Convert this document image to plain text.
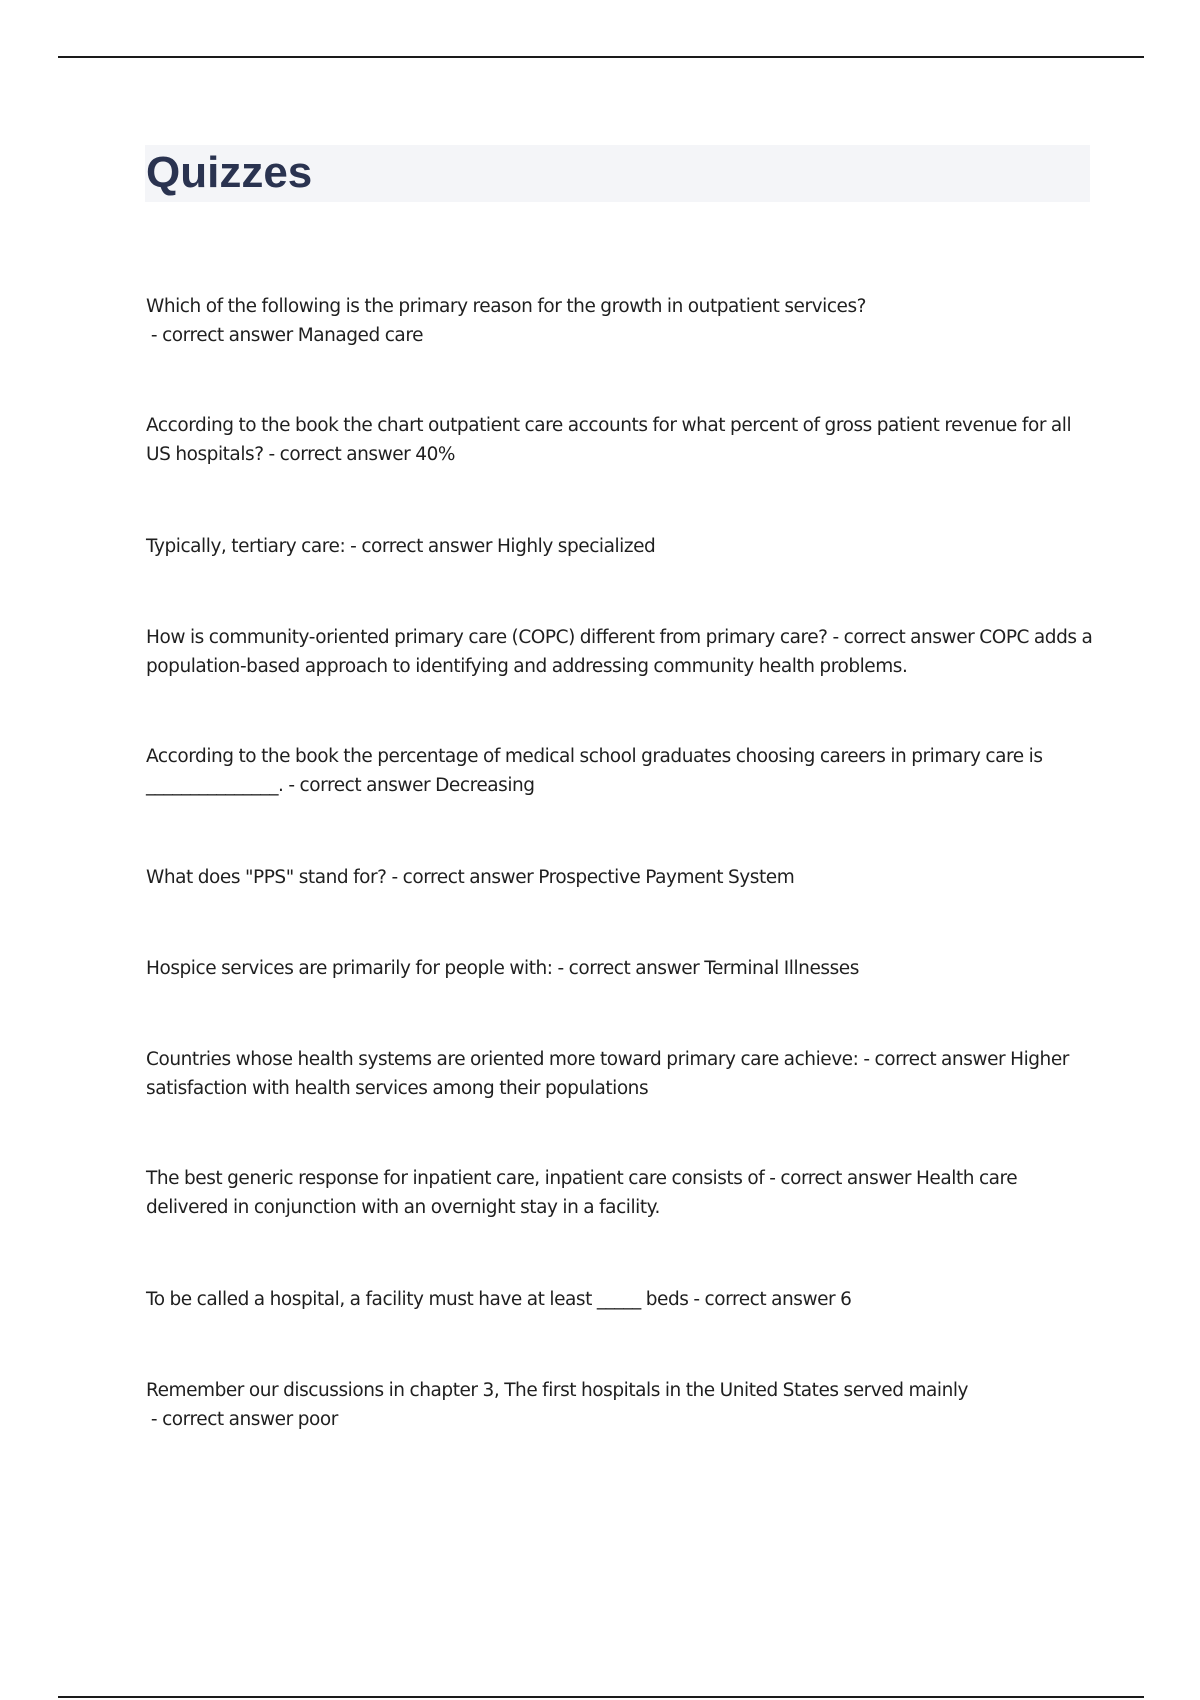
Quizzes
Which of the following is the primary reason for the growth in outpatient services? - correct answer Managed care
According to the book the chart outpatient care accounts for what percent of gross patient revenue for all US hospitals? - correct answer 40%
Typically, tertiary care: - correct answer Highly specialized
How is community-oriented primary care (COPC) different from primary care? - correct answer COPC adds a population-based approach to identifying and addressing community health problems.
According to the book the percentage of medical school graduates choosing careers in primary care is _______________. - correct answer Decreasing
What does "PPS" stand for? - correct answer Prospective Payment System
Hospice services are primarily for people with: - correct answer Terminal Illnesses
Countries whose health systems are oriented more toward primary care achieve: - correct answer Higher satisfaction with health services among their populations
The best generic response for inpatient care, inpatient care consists of - correct answer Health care delivered in conjunction with an overnight stay in a facility.
To be called a hospital, a facility must have at least _____ beds - correct answer 6
Remember our discussions in chapter 3, The first hospitals in the United States served mainly - correct answer poor
